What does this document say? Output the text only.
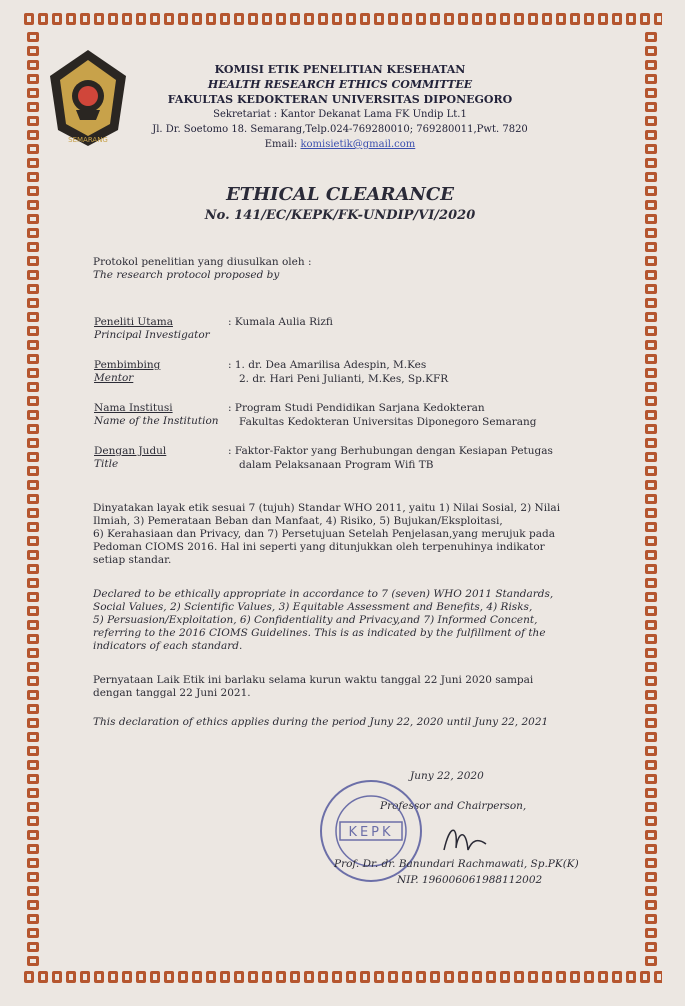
SEMARANG
KOMISI ETIK PENELITIAN KESEHATAN
HEALTH RESEARCH ETHICS COMMITTEE
FAKULTAS KEDOKTERAN UNIVERSITAS DIPONEGORO
Sekretariat : Kantor Dekanat Lama FK Undip Lt.1
Jl. Dr. Soetomo 18. Semarang,Telp.024-769280010; 769280011,Pwt. 7820
Email: komisietik@gmail.com
ETHICAL CLEARANCE
No. 141/EC/KEPK/FK-UNDIP/VI/2020
Protokol penelitian yang diusulkan oleh :
The research protocol proposed by
Peneliti Utama
Principal Investigator
: Kumala Aulia Rizfi
Pembimbing
Mentor
: 1. dr. Dea Amarilisa Adespin, M.Kes
2. dr. Hari Peni Julianti, M.Kes, Sp.KFR
Nama Institusi
Name of the Institution
: Program Studi Pendidikan Sarjana Kedokteran
Fakultas Kedokteran Universitas Diponegoro Semarang
Dengan Judul
Title
: Faktor-Faktor yang Berhubungan dengan Kesiapan Petugas
dalam Pelaksanaan Program Wifi TB
Dinyatakan layak etik sesuai 7 (tujuh) Standar WHO 2011, yaitu 1) Nilai Sosial, 2) Nilai
Ilmiah, 3) Pemerataan Beban dan Manfaat, 4) Risiko, 5) Bujukan/Eksploitasi,
6) Kerahasiaan dan Privacy, dan 7) Persetujuan Setelah Penjelasan,yang merujuk pada
Pedoman CIOMS 2016. Hal ini seperti yang ditunjukkan oleh terpenuhinya indikator
setiap standar.
Declared to be ethically appropriate in accordance to 7 (seven) WHO 2011 Standards,
Social Values, 2) Scientific Values, 3) Equitable Assessment and Benefits, 4) Risks,
5) Persuasion/Exploitation, 6) Confidentiality and Privacy,and 7) Informed Concent,
referring to the 2016 CIOMS Guidelines. This is as indicated by the fulfillment of the
indicators of each standard.
Pernyataan Laik Etik ini barlaku selama kurun waktu tanggal 22 Juni 2020 sampai
dengan tanggal 22 Juni 2021.
This declaration of ethics applies during the period Juny 22, 2020 until Juny 22, 2021
Juny 22, 2020
Professor and Chairperson,
KEPK
Prof. Dr. dr. Banundari Rachmawati, Sp.PK(K)
NIP. 196006061988112002
